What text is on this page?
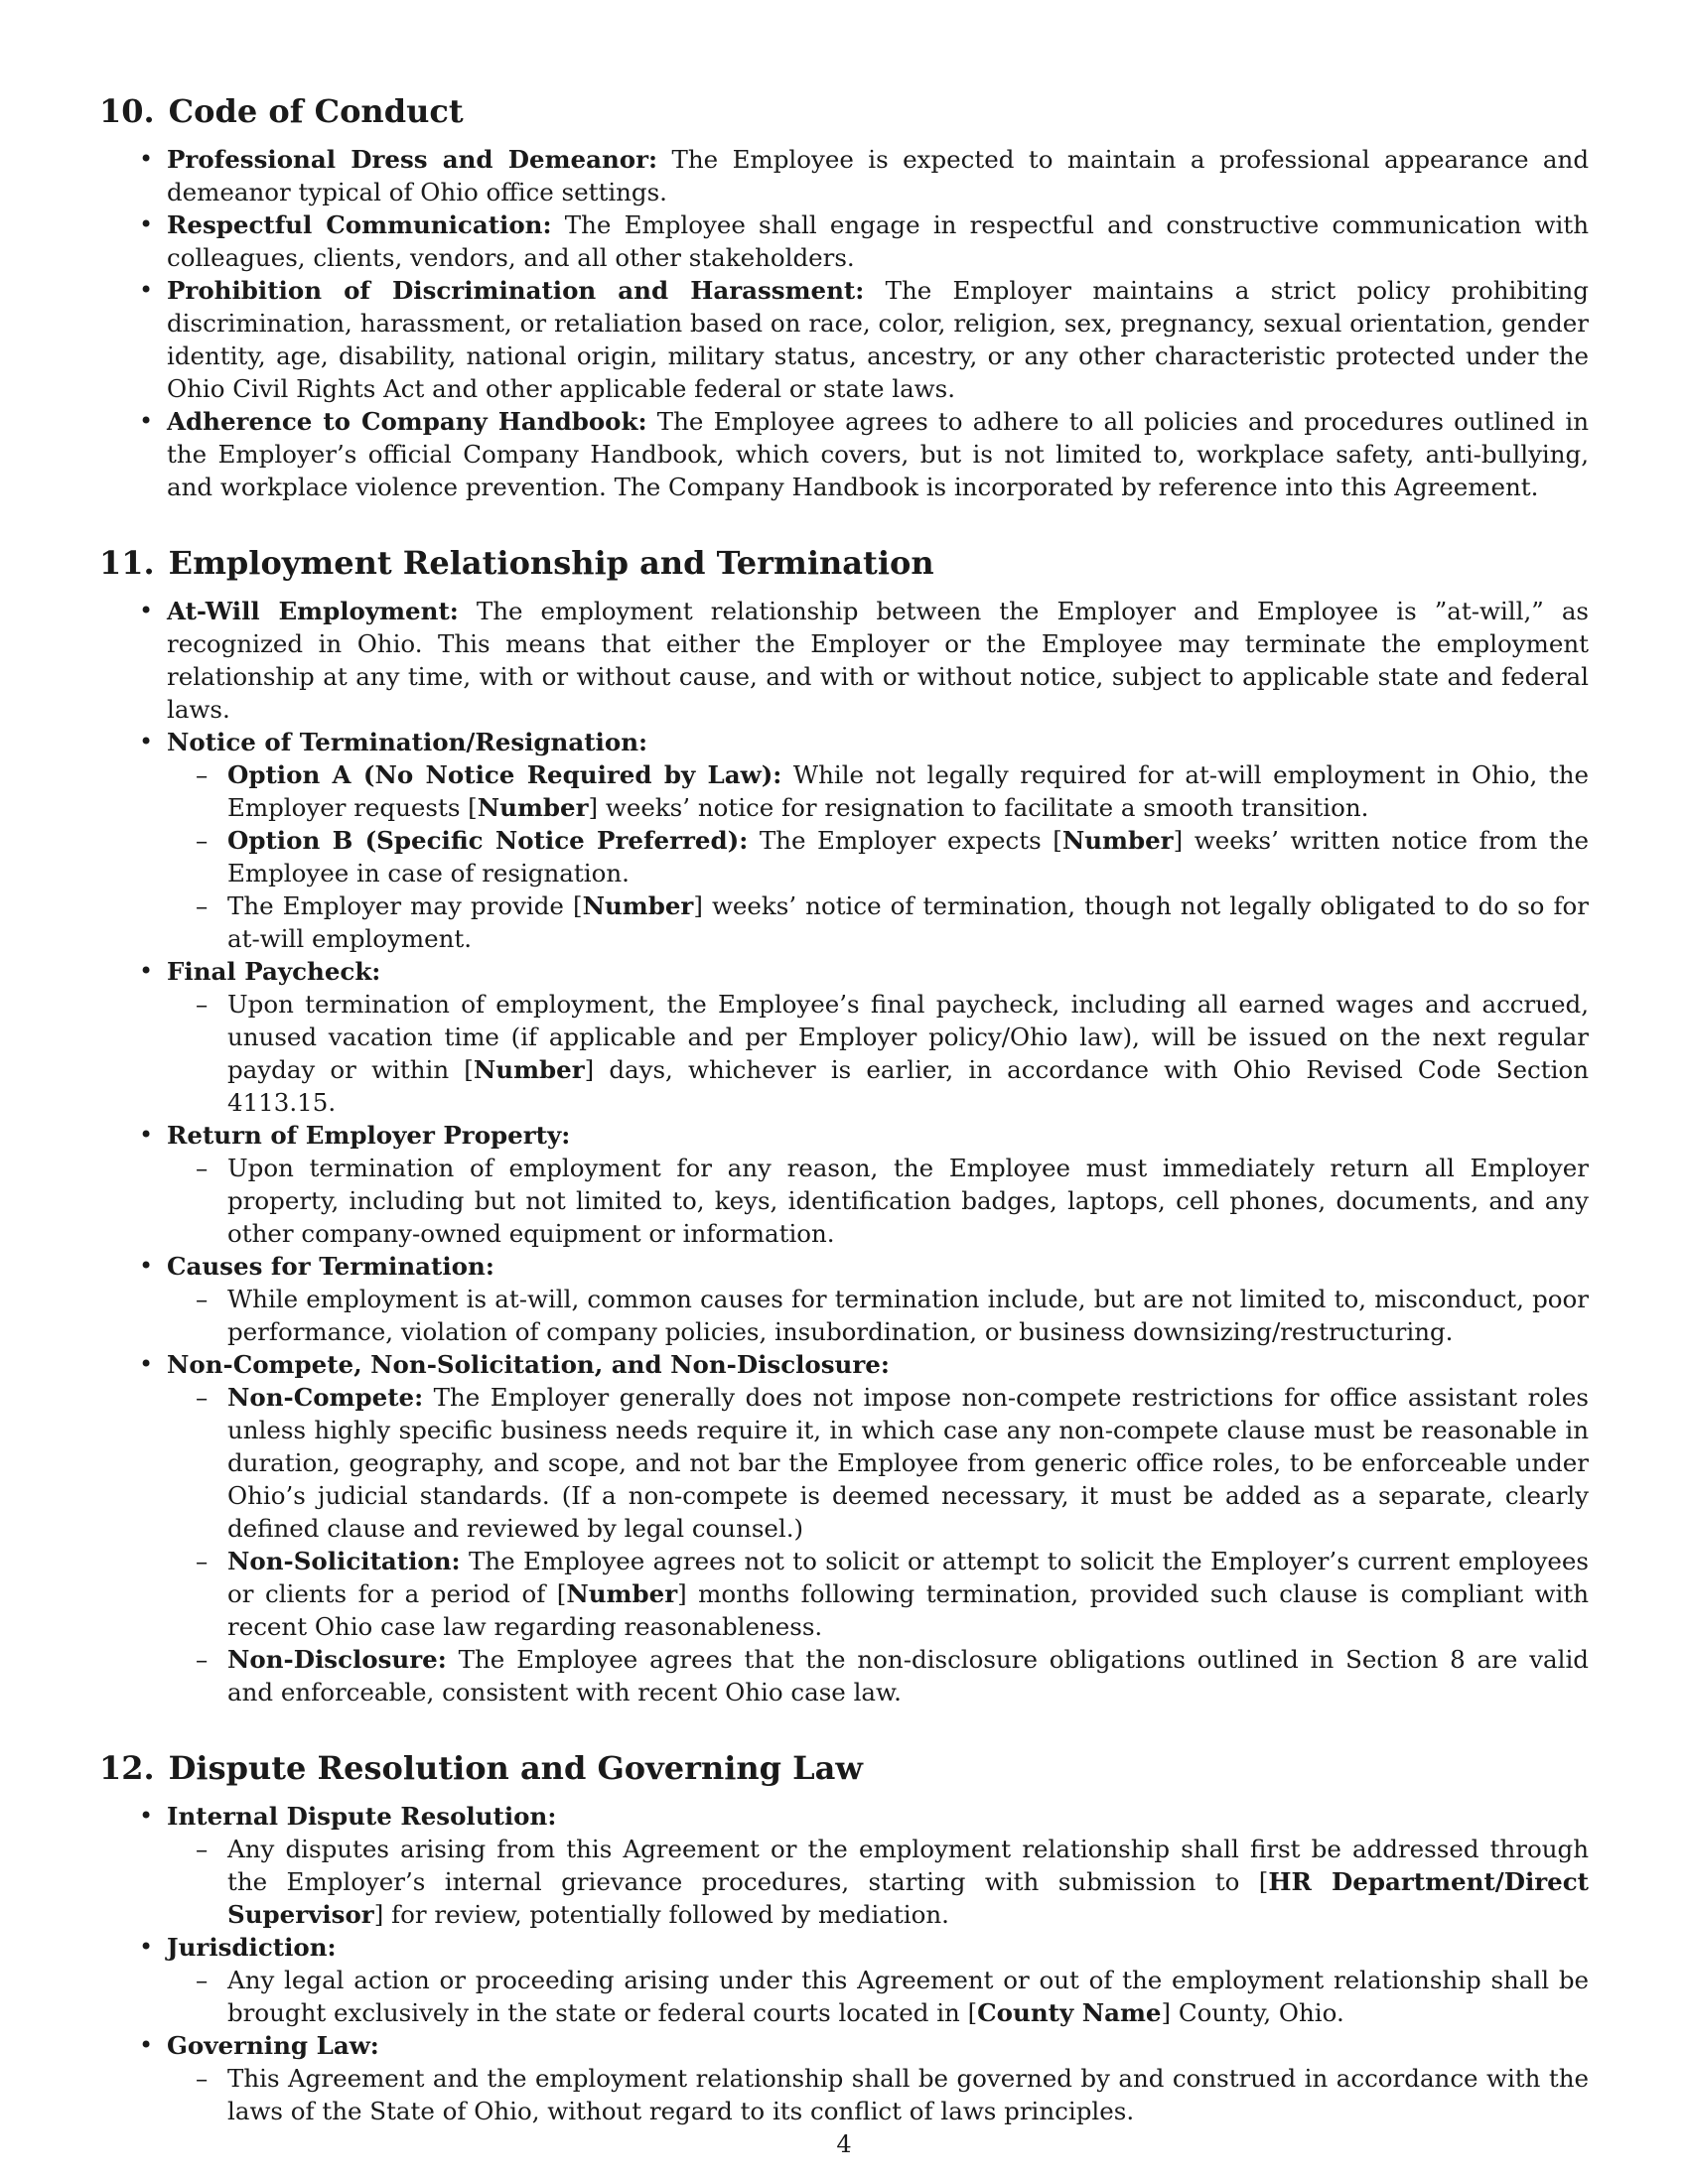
10. Code of Conduct
• Professional Dress and Demeanor: The Employee is expected to maintain a professional appearance and demeanor typical of Ohio office settings.
• Respectful Communication: The Employee shall engage in respectful and constructive communication with colleagues, clients, vendors, and all other stakeholders.
• Prohibition of Discrimination and Harassment: The Employer maintains a strict policy prohibiting discrimination, harassment, or retaliation based on race, color, religion, sex, pregnancy, sexual orientation, gender identity, age, disability, national origin, military status, ancestry, or any other characteristic protected under the Ohio Civil Rights Act and other applicable federal or state laws.
• Adherence to Company Handbook: The Employee agrees to adhere to all policies and procedures outlined in the Employer’s official Company Handbook, which covers, but is not limited to, workplace safety, anti-bullying, and workplace violence prevention. The Company Handbook is incorporated by reference into this Agreement.
11. Employment Relationship and Termination
• At-Will Employment: The employment relationship between the Employer and Employee is ”at-will,” as recognized in Ohio. This means that either the Employer or the Employee may terminate the employment relationship at any time, with or without cause, and with or without notice, subject to applicable state and federal laws.
• Notice of Termination/Resignation:
– Option A (No Notice Required by Law): While not legally required for at-will employment in Ohio, the Employer requests [Number] weeks’ notice for resignation to facilitate a smooth transition.
– Option B (Specific Notice Preferred): The Employer expects [Number] weeks’ written notice from the Employee in case of resignation.
– The Employer may provide [Number] weeks’ notice of termination, though not legally obligated to do so for at-will employment.
• Final Paycheck:
– Upon termination of employment, the Employee’s final paycheck, including all earned wages and accrued, unused vacation time (if applicable and per Employer policy/Ohio law), will be issued on the next regular payday or within [Number] days, whichever is earlier, in accordance with Ohio Revised Code Section 4113.15.
• Return of Employer Property:
– Upon termination of employment for any reason, the Employee must immediately return all Employer property, including but not limited to, keys, identification badges, laptops, cell phones, documents, and any other company-owned equipment or information.
• Causes for Termination:
– While employment is at-will, common causes for termination include, but are not limited to, misconduct, poor performance, violation of company policies, insubordination, or business downsizing/restructuring.
• Non-Compete, Non-Solicitation, and Non-Disclosure:
– Non-Compete: The Employer generally does not impose non-compete restrictions for office assistant roles unless highly specific business needs require it, in which case any non-compete clause must be reasonable in duration, geography, and scope, and not bar the Employee from generic office roles, to be enforceable under Ohio’s judicial standards. (If a non-compete is deemed necessary, it must be added as a separate, clearly defined clause and reviewed by legal counsel.)
– Non-Solicitation: The Employee agrees not to solicit or attempt to solicit the Employer’s current employees or clients for a period of [Number] months following termination, provided such clause is compliant with recent Ohio case law regarding reasonableness.
– Non-Disclosure: The Employee agrees that the non-disclosure obligations outlined in Section 8 are valid and enforceable, consistent with recent Ohio case law.
12. Dispute Resolution and Governing Law
• Internal Dispute Resolution:
– Any disputes arising from this Agreement or the employment relationship shall first be addressed through the Employer’s internal grievance procedures, starting with submission to [HR Department/Direct Supervisor] for review, potentially followed by mediation.
• Jurisdiction:
– Any legal action or proceeding arising under this Agreement or out of the employment relationship shall be brought exclusively in the state or federal courts located in [County Name] County, Ohio.
• Governing Law:
– This Agreement and the employment relationship shall be governed by and construed in accordance with the laws of the State of Ohio, without regard to its conflict of laws principles.
4
